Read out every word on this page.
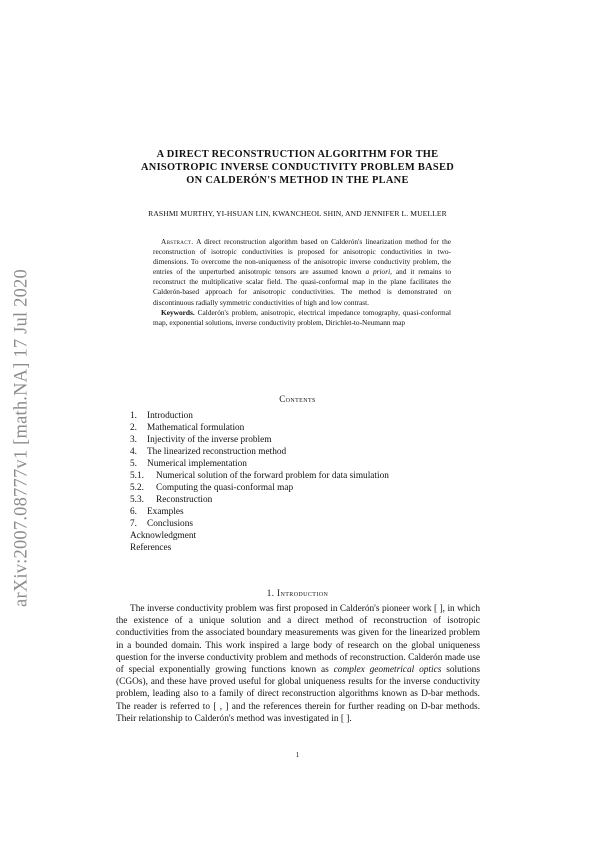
arXiv:2007.08777v1 [math.NA] 17 Jul 2020
A DIRECT RECONSTRUCTION ALGORITHM FOR THE
ANISOTROPIC INVERSE CONDUCTIVITY PROBLEM BASED
ON CALDERÓN'S METHOD IN THE PLANE
RASHMI MURTHY, YI-HSUAN LIN, KWANCHEOL SHIN, AND JENNIFER L. MUELLER

Abstract. A direct reconstruction algorithm based on Calderón's linearization method for the reconstruction of isotropic conductivities is proposed for anisotropic conductivities in two-dimensions. To overcome the non-uniqueness of the anisotropic inverse conductivity problem, the entries of the unperturbed anisotropic tensors are assumed known a priori, and it remains to reconstruct the multiplicative scalar field. The quasi-conformal map in the plane facilitates the Calderón-based approach for anisotropic conductivities. The method is demonstrated on discontinuous radially symmetric conductivities of high and low contrast.

Keywords. Calderón's problem, anisotropic, electrical impedance tomography, quasi-conformal map, exponential solutions, inverse conductivity problem, Dirichlet-to-Neumann map

Contents
1. Introduction
2. Mathematical formulation
3. Injectivity of the inverse problem
4. The linearized reconstruction method
5. Numerical implementation
5.1. Numerical solution of the forward problem for data simulation
5.2. Computing the quasi-conformal map
5.3. Reconstruction
6. Examples
7. Conclusions
Acknowledgment
References
1. Introduction

The inverse conductivity problem was first proposed in Calderón's pioneer work [ ], in which the existence of a unique solution and a direct method of reconstruction of isotropic conductivities from the associated boundary measurements was given for the linearized problem in a bounded domain. This work inspired a large body of research on the global uniqueness question for the inverse conductivity problem and methods of reconstruction. Calderón made use of special exponentially growing functions known as complex geometrical optics solutions (CGOs), and these have proved useful for global uniqueness results for the inverse conductivity problem, leading also to a family of direct reconstruction algorithms known as D-bar methods. The reader is referred to [ , ] and the references therein for further reading on D-bar methods. Their relationship to Calderón's method was investigated in [ ].

1
